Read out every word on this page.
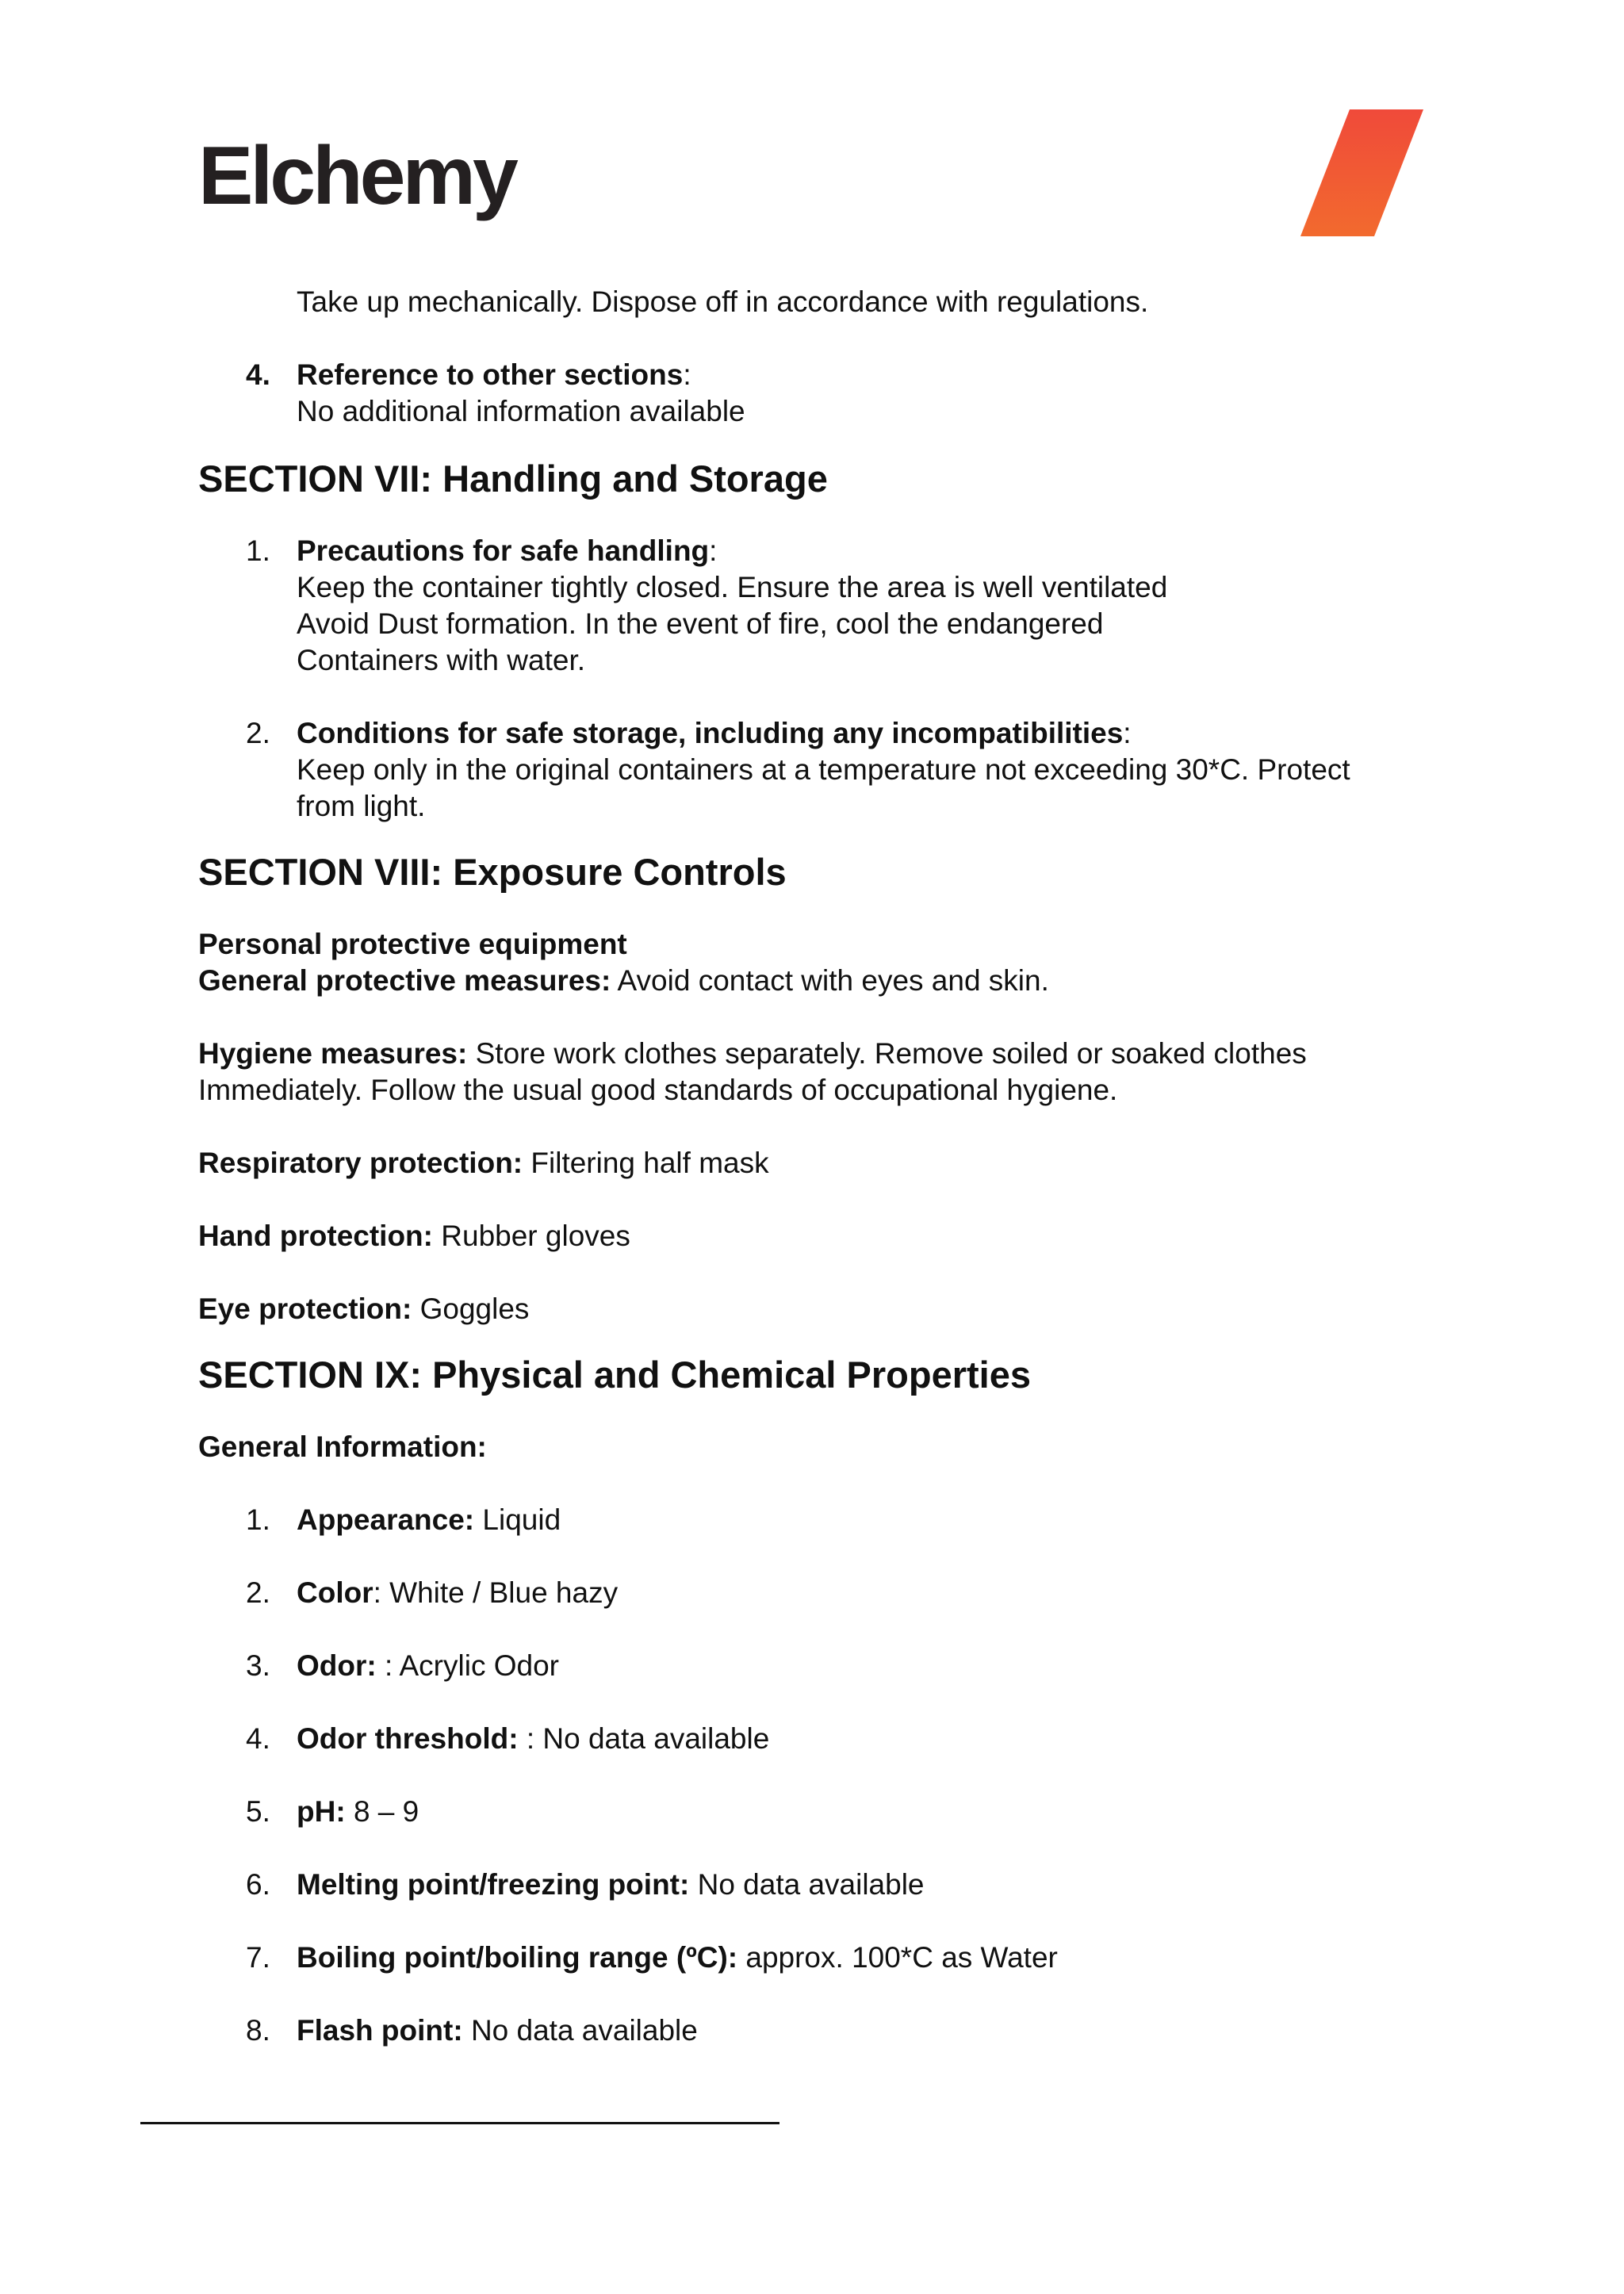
Elchemy
Take up mechanically. Dispose off in accordance with regulations.
4. Reference to other sections:
No additional information available
SECTION VII: Handling and Storage
1. Precautions for safe handling:
Keep the container tightly closed. Ensure the area is well ventilated
Avoid Dust formation. In the event of fire, cool the endangered
Containers with water.
2. Conditions for safe storage, including any incompatibilities:
Keep only in the original containers at a temperature not exceeding 30*C. Protect
from light.
SECTION VIII: Exposure Controls
Personal protective equipment
General protective measures: Avoid contact with eyes and skin.
Hygiene measures: Store work clothes separately. Remove soiled or soaked clothes
Immediately. Follow the usual good standards of occupational hygiene.
Respiratory protection: Filtering half mask
Hand protection: Rubber gloves
Eye protection: Goggles
SECTION IX: Physical and Chemical Properties
General Information:
1. Appearance: Liquid
2. Color: White / Blue hazy
3. Odor: : Acrylic Odor
4. Odor threshold: : No data available
5. pH: 8 – 9
6. Melting point/freezing point: No data available
7. Boiling point/boiling range (ºC): approx. 100*C as Water
8. Flash point: No data available
